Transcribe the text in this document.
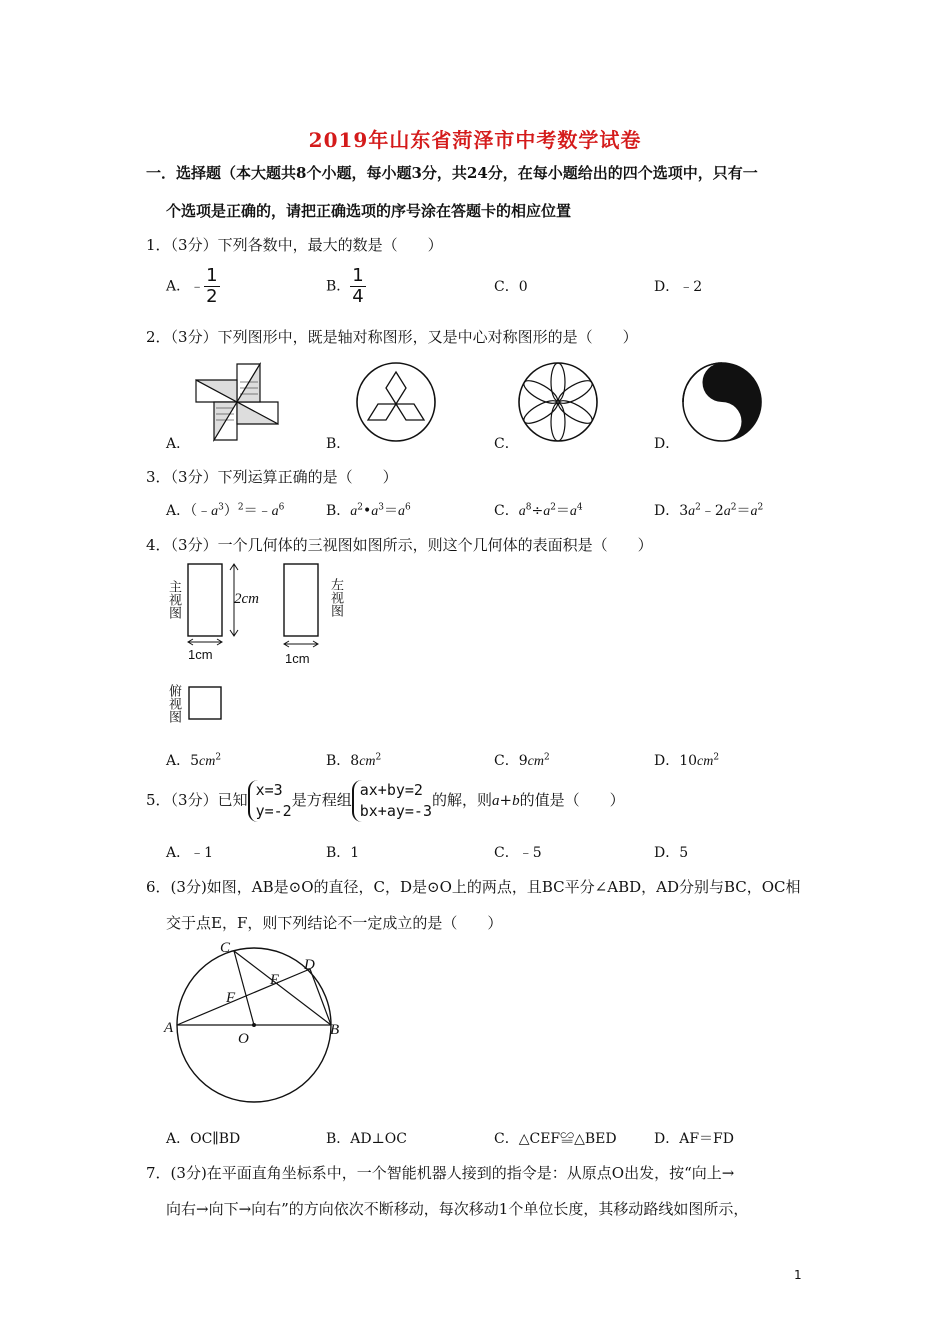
2019年山东省菏泽市中考数学试卷
一．选择题（本大题共8个小题，每小题3分，共24分，在每小题给出的四个选项中，只有一
个选项是正确的，请把正确选项的序号涂在答题卡的相应位置
1．（3分）下列各数中，最大的数是（　　）
A．﹣ $\frac{1}{2}$	B． $\frac{1}{4}$	C．0	D．﹣2
2．（3分）下列图形中，既是轴对称图形，又是中心对称图形的是（　　）
A．	B．	C．	D．
3．（3分）下列运算正确的是（　　）
A．$(﹣a^3)^2=﹣a^6$	B．$a^2•a^3=a^6$	C．$a^8\div a^2=a^4$	D．$3a^2﹣2a^2=a^2$
4．（3分）一个几何体的三视图如图所示，则这个几何体的表面积是（　　）
主视图	2cm
1cm
左视图
1cm
俯视图
A．$5cm^2$	B．$8cm^2$	C．$9cm^2$	D．$10cm^2$
5．（3分）已知
x=3
y=-2
是方程组
ax+by=2
bx+ay=-3
的解，则a+b的值是（　　）
A．﹣1	B．1	C．﹣5	D．5
6．(3分)如图，AB是⊙O的直径，C，D是⊙O上的两点，且BC平分∠ABD，AD分别与BC，OC相
交于点E，F，则下列结论不一定成立的是（　　）
C
D
E
F
A
O
B
A．OC∥BD	B．AD⊥OC	C．△CEF≌△BED	D．AF＝FD
7．(3分)在平面直角坐标系中，一个智能机器人接到的指令是：从原点O出发，按“向上→
向右→向下→向右”的方向依次不断移动，每次移动1个单位长度，其移动路线如图所示，
1
